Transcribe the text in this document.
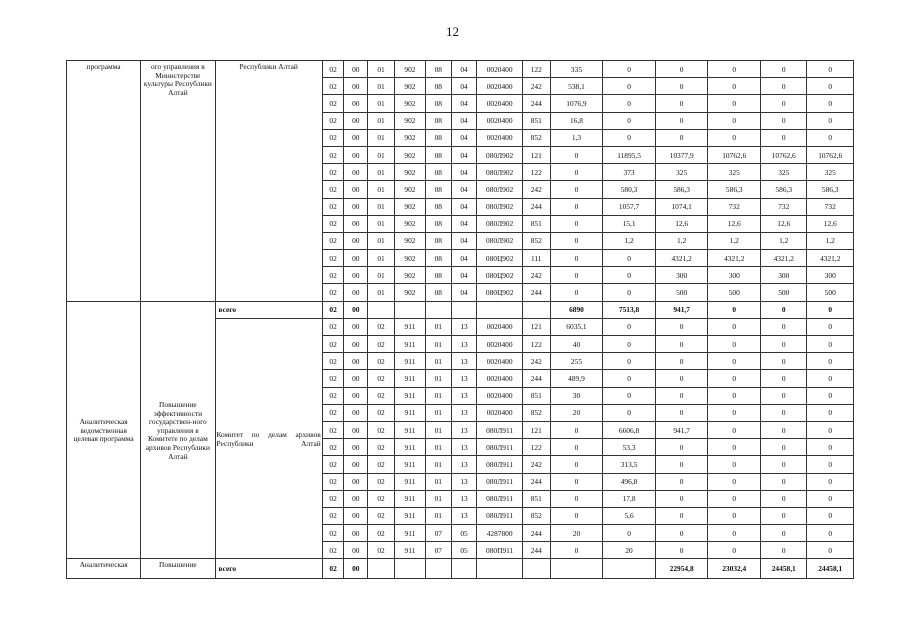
12
программа	ого управления в Министерстве культуры Республики Алтай	Республики Алтай	02	00	01	902	08	04	0020400	122	335	0	0	0	0	0
			02	00	01	902	08	04	0020400	242	538,1	0	0	0	0	0
			02	00	01	902	08	04	0020400	244	1076,9	0	0	0	0	0
			02	00	01	902	08	04	0020400	851	16,8	0	0	0	0	0
			02	00	01	902	08	04	0020400	852	1,3	0	0	0	0	0
			02	00	01	902	08	04	080Л902	121	0	11895,5	10377,9	10762,6	10762,6	10762,6
			02	00	01	902	08	04	080Л902	122	0	373	325	325	325	325
			02	00	01	902	08	04	080Л902	242	0	580,3	586,3	586,3	586,3	586,3
			02	00	01	902	08	04	080Л902	244	0	1057,7	1074,1	732	732	732
			02	00	01	902	08	04	080Л902	851	0	15,1	12,6	12,6	12,6	12,6
			02	00	01	902	08	04	080Л902	852	0	1,2	1,2	1,2	1,2	1,2
			02	00	01	902	08	04	080Ц902	111	0	0	4321,2	4321,2	4321,2	4321,2
			02	00	01	902	08	04	080Ц902	242	0	0	300	300	300	300
			02	00	01	902	08	04	080Ц902	244	0	0	500	500	500	500
Аналитическая ведомственная целевая программа	Повышение эффективности государствен-ного управления в Комитете по делам архивов Республики Алтай	всего	02	00							6890	7513,8	941,7	0	0	0
		Комитет по делам архивов Республики Алтай	02	00	02	911	01	13	0020400	121	6035,1	0	0	0	0	0
			02	00	02	911	01	13	0020400	122	40	0	0	0	0	0
			02	00	02	911	01	13	0020400	242	255	0	0	0	0	0
			02	00	02	911	01	13	0020400	244	489,9	0	0	0	0	0
			02	00	02	911	01	13	0020400	851	30	0	0	0	0	0
			02	00	02	911	01	13	0020400	852	20	0	0	0	0	0
			02	00	02	911	01	13	080Л911	121	0	6606,8	941,7	0	0	0
			02	00	02	911	01	13	080Л911	122	0	53,3	0	0	0	0
			02	00	02	911	01	13	080Л911	242	0	313,5	0	0	0	0
			02	00	02	911	01	13	080Л911	244	0	496,8	0	0	0	0
			02	00	02	911	01	13	080Л911	851	0	17,8	0	0	0	0
			02	00	02	911	01	13	080Л911	852	0	5,6	0	0	0	0
			02	00	02	911	07	05	4287800	244	20	0	0	0	0	0
			02	00	02	911	07	05	080П911	244	0	20	0	0	0	0
Аналитическая	Повышение	всего	02	00									22954,8	23032,4	24458,1	24458,1
